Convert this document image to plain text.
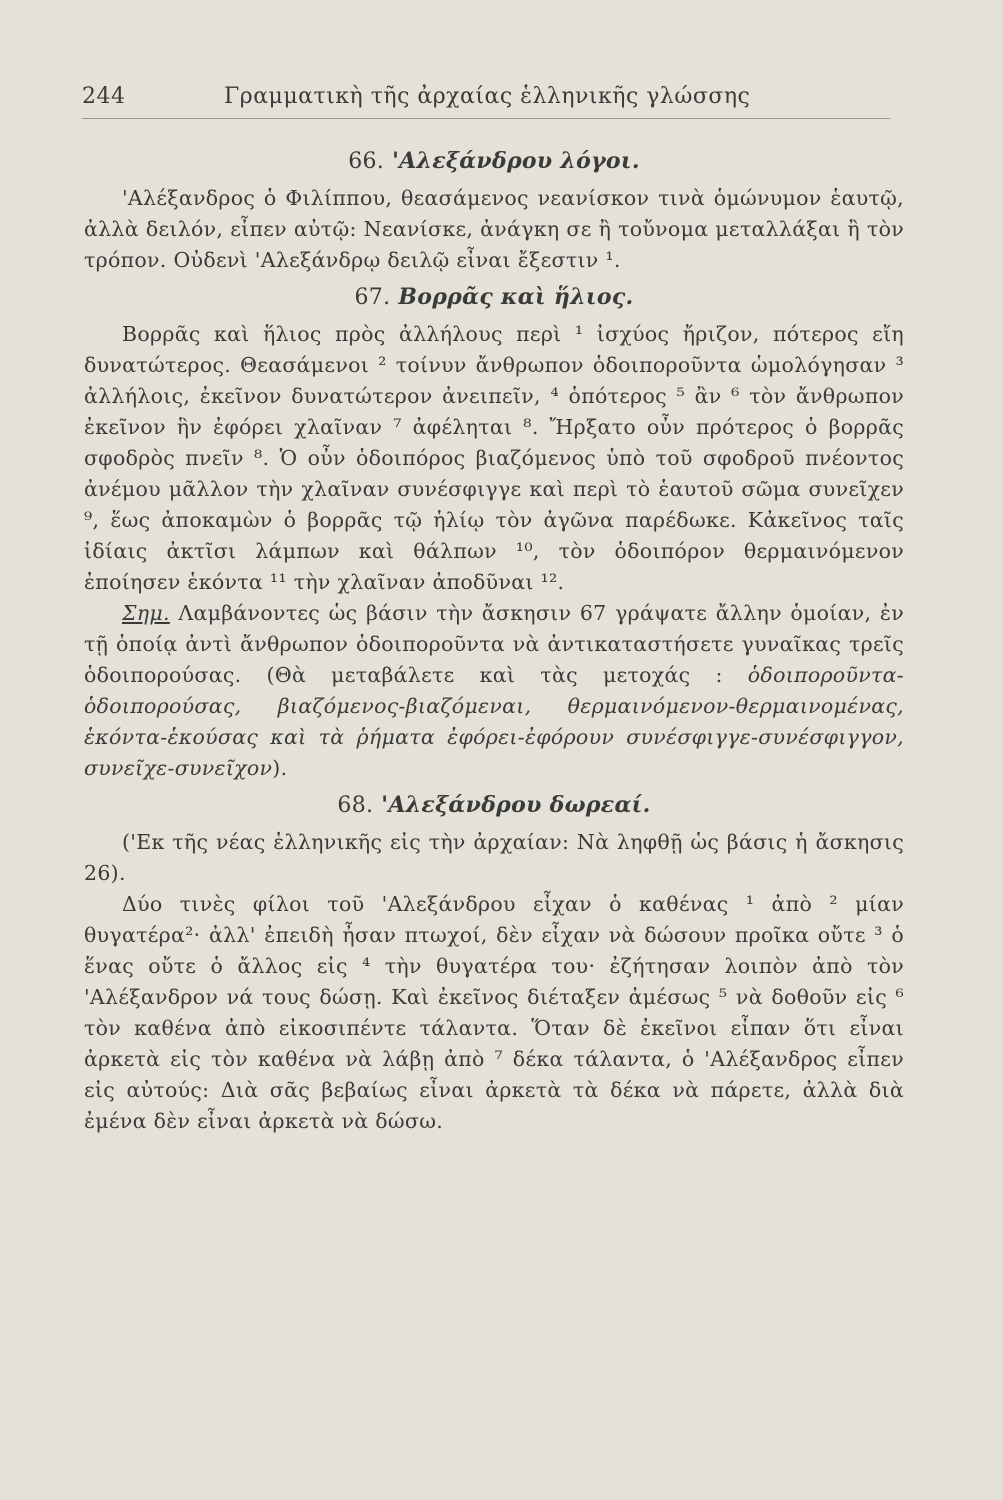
244	Γραμματικὴ τῆς ἀρχαίας ἑλληνικῆς γλώσσης
66. 'Αλεξάνδρου λόγοι.

'Αλέξανδρος ὁ Φιλίππου, θεασάμενος νεανίσκον τινὰ ὁμώνυμον ἑαυτῷ, ἀλλὰ δειλόν, εἶπεν αὐτῷ: Νεανίσκε, ἀνάγκη σε ἢ τοὔνομα μεταλλάξαι ἢ τὸν τρόπον. Οὐδενὶ 'Αλεξάνδρῳ δειλῷ εἶναι ἔξεστιν ¹.

67. Βορρᾶς καὶ ἥλιος.

Βορρᾶς καὶ ἥλιος πρὸς ἀλλήλους περὶ ¹ ἰσχύος ἤριζον, πότερος εἴη δυνατώτερος. Θεασάμενοι ² τοίνυν ἄνθρωπον ὁδοιποροῦντα ὡμολόγησαν ³ ἀλλήλοις, ἐκεῖνον δυνατώτερον ἀνειπεῖν, ⁴ ὁπότερος ⁵ ἂν ⁶ τὸν ἄνθρωπον ἐκεῖνον ἣν ἐφόρει χλαῖναν ⁷ ἀφέληται ⁸. Ἤρξατο οὖν πρότερος ὁ βορρᾶς σφοδρὸς πνεῖν ⁸. Ὁ οὖν ὁδοιπόρος βιαζόμενος ὑπὸ τοῦ σφοδροῦ πνέοντος ἀνέμου μᾶλλον τὴν χλαῖναν συνέσφιγγε καὶ περὶ τὸ ἑαυτοῦ σῶμα συνεῖχεν ⁹, ἕως ἀποκαμὼν ὁ βορρᾶς τῷ ἡλίῳ τὸν ἀγῶνα παρέδωκε. Κἀκεῖνος ταῖς ἰδίαις ἀκτῖσι λάμπων καὶ θάλπων ¹⁰, τὸν ὁδοιπόρον θερμαινόμενον ἐποίησεν ἑκόντα ¹¹ τὴν χλαῖναν ἀποδῦναι ¹².

Σημ. Λαμβάνοντες ὡς βάσιν τὴν ἄσκησιν 67 γράψατε ἄλλην ὁμοίαν, ἐν τῇ ὁποίᾳ ἀντὶ ἄνθρωπον ὁδοιποροῦντα νὰ ἀντικαταστήσετε γυναῖκας τρεῖς ὁδοιπορούσας. (Θὰ μεταβάλετε καὶ τὰς μετοχάς : ὁδοιποροῦντα-ὁδοιπορούσας, βιαζόμενος-βιαζόμεναι, θερμαινόμενον-θερμαινομένας, ἑκόντα-ἑκούσας καὶ τὰ ῥήματα ἐφόρει-ἐφόρουν συνέσφιγγε-συνέσφιγγον, συνεῖχε-συνεῖχον).

68. 'Αλεξάνδρου δωρεαί.

('Εκ τῆς νέας ἑλληνικῆς εἰς τὴν ἀρχαίαν: Νὰ ληφθῇ ὡς βάσις ἡ ἄσκησις 26).

Δύο τινὲς φίλοι τοῦ 'Αλεξάνδρου εἶχαν ὁ καθένας ¹ ἀπὸ ² μίαν θυγατέρα²· ἀλλ' ἐπειδὴ ἦσαν πτωχοί, δὲν εἶχαν νὰ δώσουν προῖκα οὔτε ³ ὁ ἕνας οὔτε ὁ ἄλλος εἰς ⁴ τὴν θυγατέρα του· ἐζήτησαν λοιπὸν ἀπὸ τὸν 'Αλέξανδρον νά τους δώσῃ. Καὶ ἐκεῖνος διέταξεν ἀμέσως ⁵ νὰ δοθοῦν εἰς ⁶ τὸν καθένα ἀπὸ εἰκοσιπέντε τάλαντα. Ὅταν δὲ ἐκεῖνοι εἶπαν ὅτι εἶναι ἀρκετὰ εἰς τὸν καθένα νὰ λάβῃ ἀπὸ ⁷ δέκα τάλαντα, ὁ 'Αλέξανδρος εἶπεν εἰς αὐτούς: Διὰ σᾶς βεβαίως εἶναι ἀρκετὰ τὰ δέκα νὰ πάρετε, ἀλλὰ διὰ ἐμένα δὲν εἶναι ἀρκετὰ νὰ δώσω.
